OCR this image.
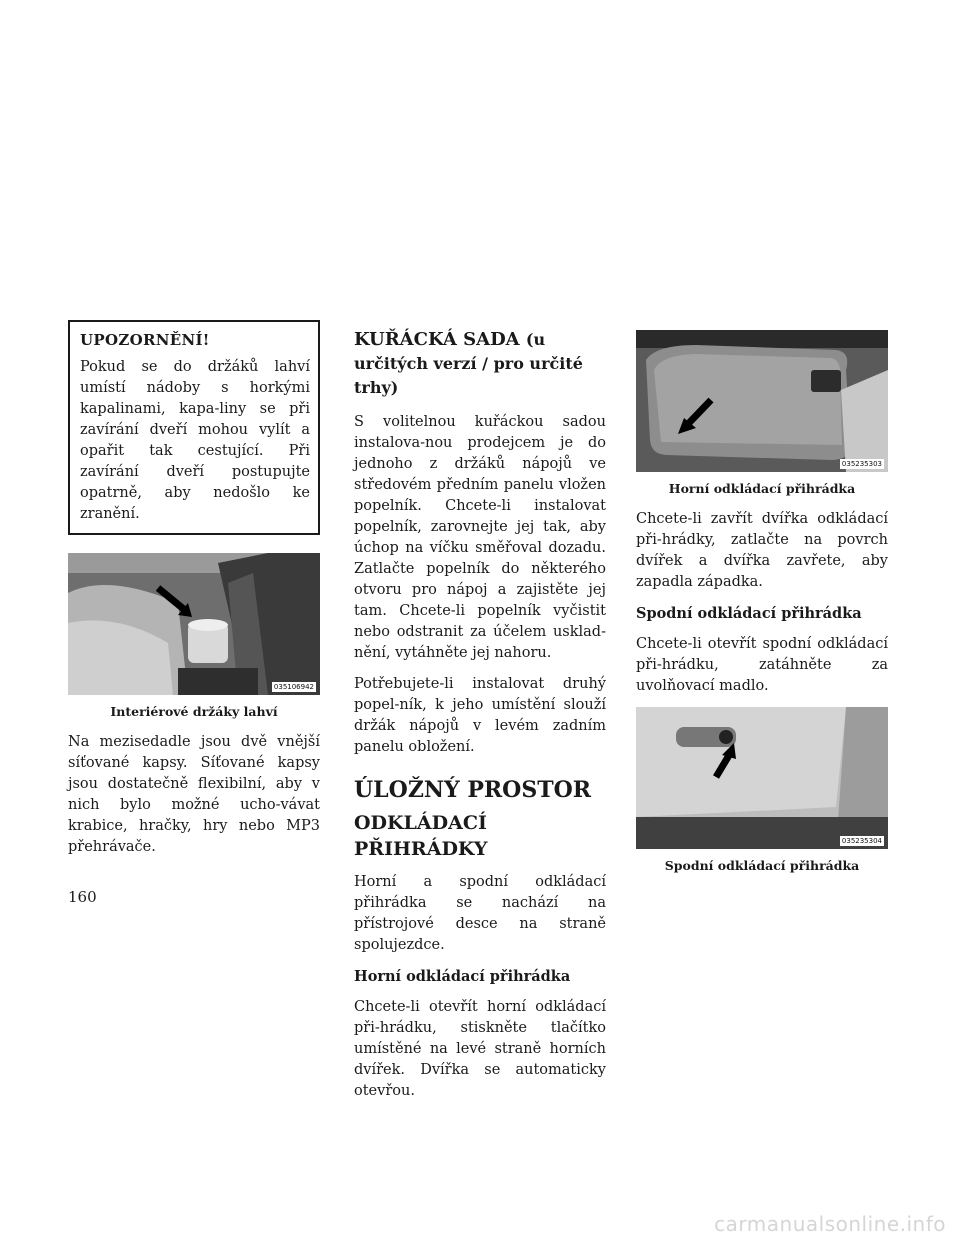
UPOZORNĚNÍ!

Pokud se do držáků lahví umístí nádoby s horkými kapalinami, kapa-liny se při zavírání dveří mohou vylít a opařit tak cestující. Při zavírání dveří postupujte opatrně, aby nedošlo ke zranění.

035106942
Interiérové držáky lahví

Na mezisedadle jsou dvě vnější síťované kapsy. Síťované kapsy jsou dostatečně flexibilní, aby v nich bylo možné ucho-vávat krabice, hračky, hry nebo MP3 přehrávače.

KUŘÁCKÁ SADA (u určitých verzí / pro určité trhy)

S volitelnou kuřáckou sadou instalova-nou prodejcem je do jednoho z držáků nápojů ve středovém předním panelu vložen popelník. Chcete-li instalovat popelník, zarovnejte jej tak, aby úchop na víčku směřoval dozadu. Zatlačte popelník do některého otvoru pro nápoj a zajistěte jej tam. Chcete-li popelník vyčistit nebo odstranit za účelem usklad-nění, vytáhněte jej nahoru.

Potřebujete-li instalovat druhý popel-ník, k jeho umístění slouží držák nápojů v levém zadním panelu obložení.

ÚLOŽNÝ PROSTOR
ODKLÁDACÍ PŘIHRÁDKY

Horní a spodní odkládací přihrádka se nachází na přístrojové desce na straně spolujezdce.

Horní odkládací přihrádka

Chcete-li otevřít horní odkládací při-hrádku, stiskněte tlačítko umístěné na levé straně horních dvířek. Dvířka se automaticky otevřou.

035235303
Horní odkládací přihrádka

Chcete-li zavřít dvířka odkládací při-hrádky, zatlačte na povrch dvířek a dvířka zavřete, aby zapadla západka.

Spodní odkládací přihrádka

Chcete-li otevřít spodní odkládací při-hrádku, zatáhněte za uvolňovací madlo.

035235304
Spodní odkládací přihrádka
160
carmanualsonline.info
